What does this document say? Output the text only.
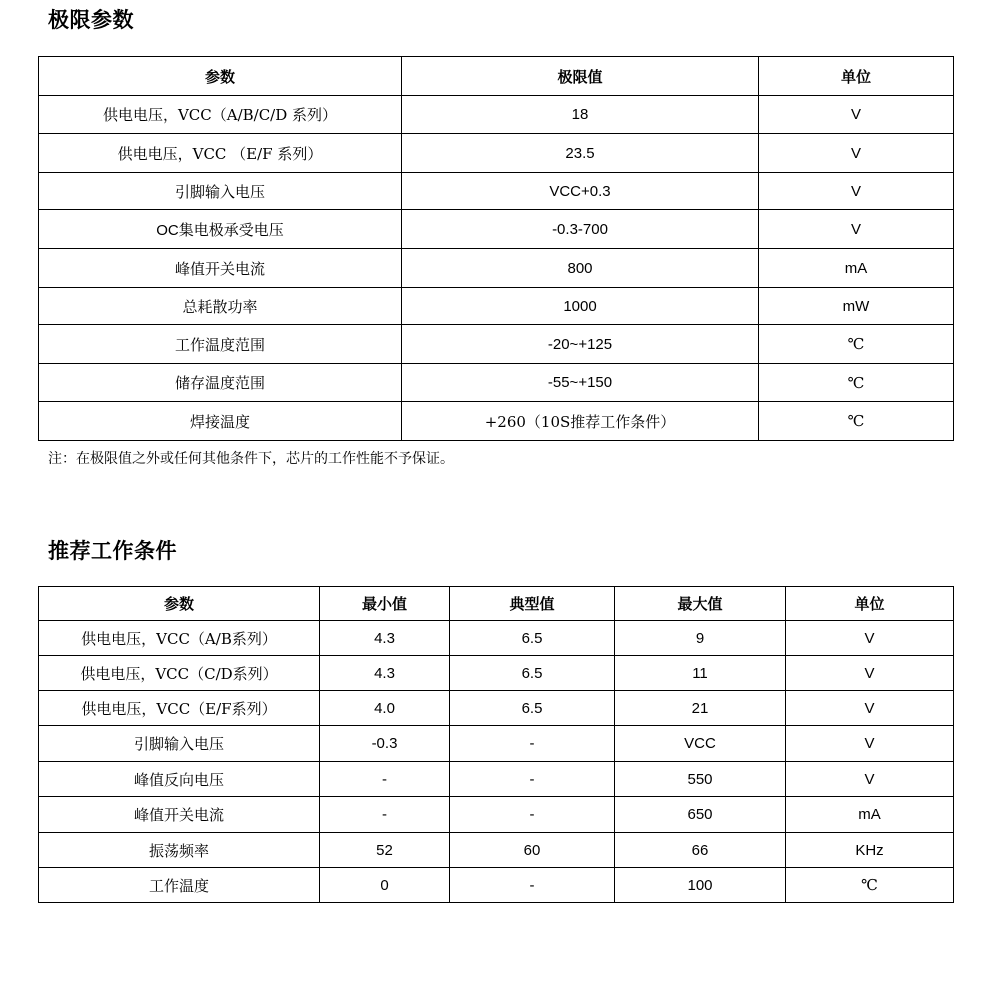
极限参数
参数	极限值	单位
供电电压，VCC（A/B/C/D 系列）	18	V
供电电压，VCC （E/F 系列）	23.5	V
引脚输入电压	VCC+0.3	V
OC集电极承受电压	-0.3-700	V
峰值开关电流	800	mA
总耗散功率	1000	mW
工作温度范围	-20~+125	℃
储存温度范围	-55~+150	℃
焊接温度	+260（10S推荐工作条件）	℃
注：在极限值之外或任何其他条件下，芯片的工作性能不予保证。
推荐工作条件
参数	最小值	典型值	最大值	单位
供电电压，VCC（A/B系列）	4.3	6.5	9	V
供电电压，VCC（C/D系列）	4.3	6.5	11	V
供电电压，VCC（E/F系列）	4.0	6.5	21	V
引脚输入电压	-0.3	-	VCC	V
峰值反向电压	-	-	550	V
峰值开关电流	-	-	650	mA
振荡频率	52	60	66	KHz
工作温度	0	-	100	℃
